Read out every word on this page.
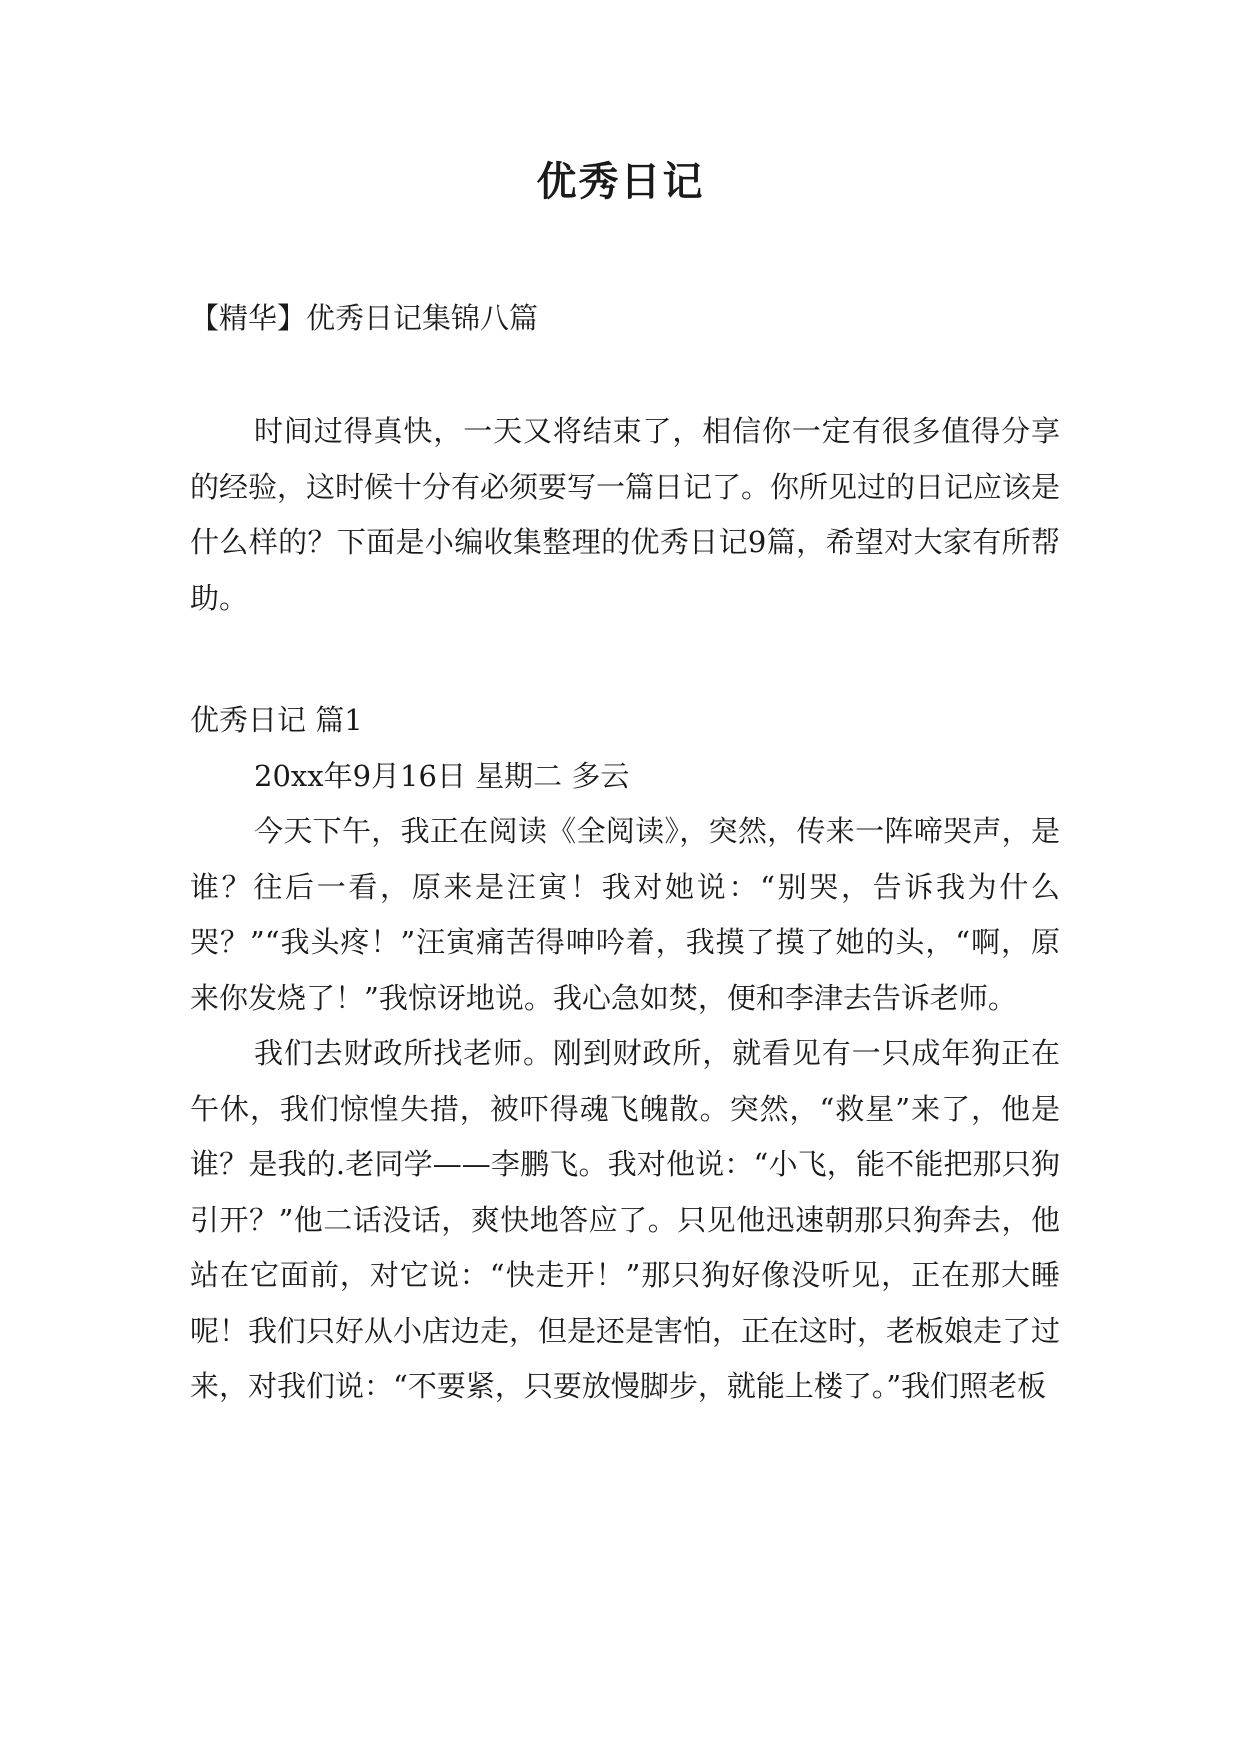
优秀日记

【精华】优秀日记集锦八篇

时间过得真快，一天又将结束了，相信你一定有很多值得分享的经验，这时候十分有必须要写一篇日记了。你所见过的日记应该是什么样的？下面是小编收集整理的优秀日记9篇，希望对大家有所帮助。

优秀日记 篇1

20xx年9月16日 星期二 多云

今天下午，我正在阅读《全阅读》，突然，传来一阵啼哭声，是谁？往后一看，原来是汪寅！我对她说：“别哭，告诉我为什么哭？”“我头疼！”汪寅痛苦得呻吟着，我摸了摸了她的头，“啊，原来你发烧了！”我惊讶地说。我心急如焚，便和李津去告诉老师。

我们去财政所找老师。刚到财政所，就看见有一只成年狗正在午休，我们惊惶失措，被吓得魂飞魄散。突然，“救星”来了，他是谁？是我的.老同学——李鹏飞。我对他说：“小飞，能不能把那只狗引开？”他二话没话，爽快地答应了。只见他迅速朝那只狗奔去，他站在它面前，对它说：“快走开！”那只狗好像没听见，正在那大睡呢！我们只好从小店边走，但是还是害怕，正在这时，老板娘走了过来，对我们说：“不要紧，只要放慢脚步，就能上楼了。”我们照老板
